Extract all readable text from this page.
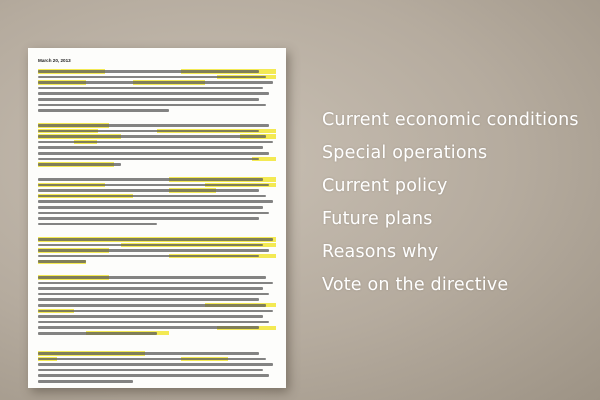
March 20, 2013
Current economic conditions
Special operations
Current policy
Future plans
Reasons why
Vote on the directive
